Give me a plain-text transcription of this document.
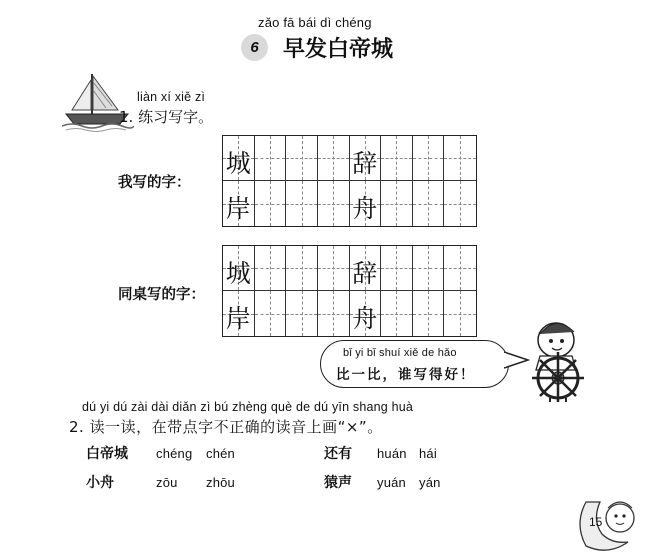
zǎo fā bái dì chéng
6	早发白帝城
liàn xí xiě zì
1. 练习写字。
我写的字：
同桌写的字：
城	辞
岸	舟
城	辞
岸	舟
bǐ yi bǐ shuí xiě de hǎo
比一比，谁写得好！
dú yi dú zài dài diǎn zì bú zhèng què de dú yīn shang huà
2. 读一读，在带点字不正确的读音上画“×”。
白帝城 chéng chén	还有 huán hái
小舟	zōu zhōu	猿声 yuán yán
15
